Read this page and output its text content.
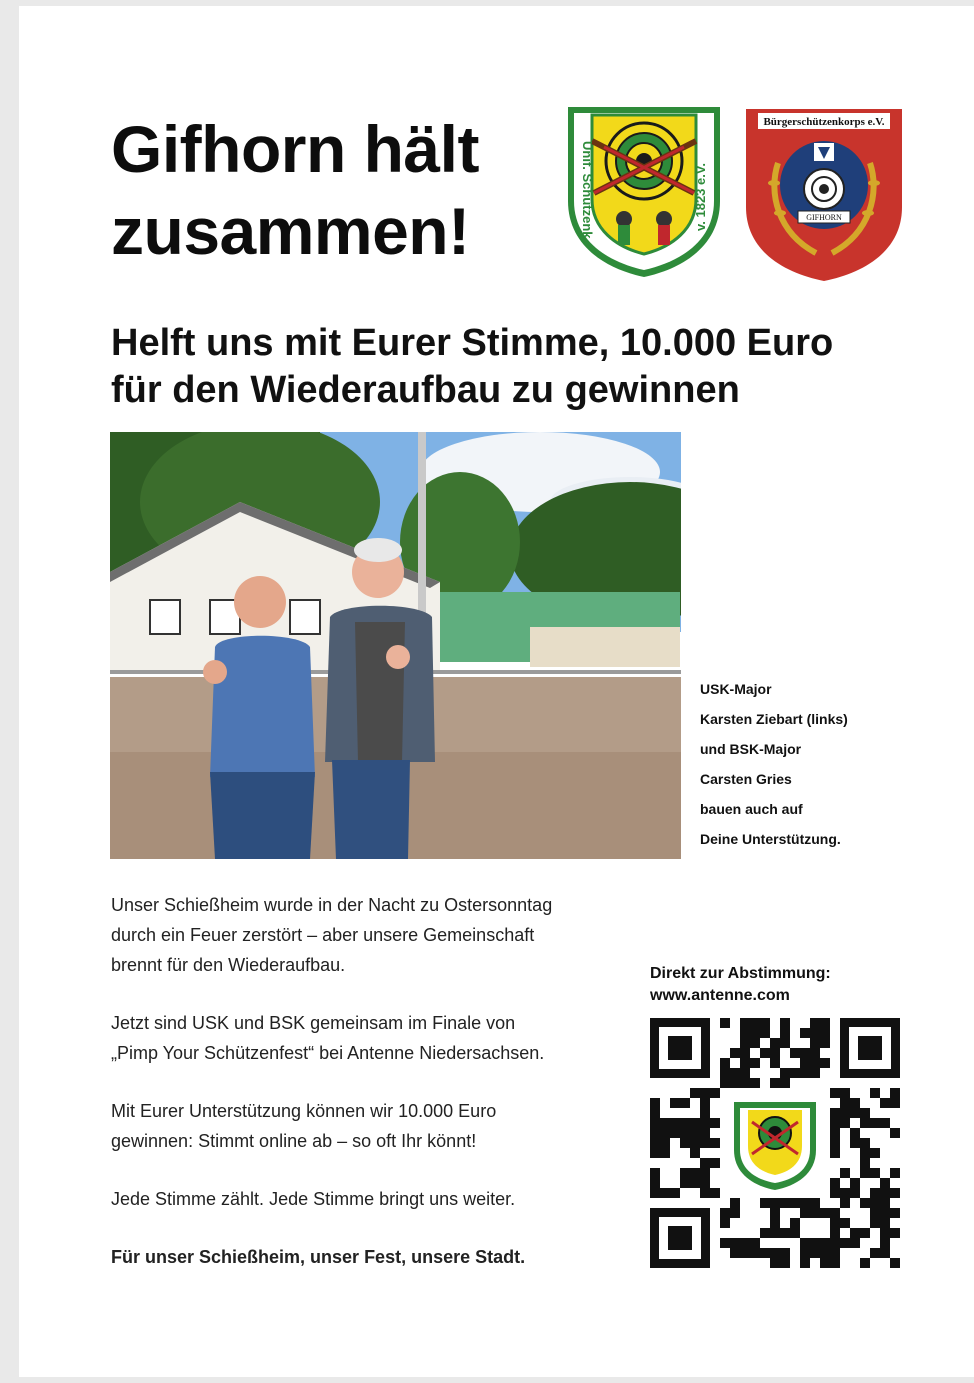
Gifhorn hält
zusammen!	Unif. Schützenk	v. 1823 e.V.
Bürgerschützenkorps e.V.
GIFHORN
Helft uns mit Eurer Stimme, 10.000 Euro
für den Wiederaufbau zu gewinnen
USK-Major
Karsten Ziebart (links)
und BSK-Major
Carsten Gries
bauen auch auf
Deine Unterstützung.

Unser Schießheim wurde in der Nacht zu Ostersonntag
durch ein Feuer zerstört – aber unsere Gemeinschaft
brennt für den Wiederaufbau.

Jetzt sind USK und BSK gemeinsam im Finale von
„Pimp Your Schützenfest“ bei Antenne Niedersachsen.

Mit Eurer Unterstützung können wir 10.000 Euro
gewinnen: Stimmt online ab – so oft Ihr könnt!

Jede Stimme zählt. Jede Stimme bringt uns weiter.

Für unser Schießheim, unser Fest, unsere Stadt.

Direkt zur Abstimmung:
www.antenne.com
